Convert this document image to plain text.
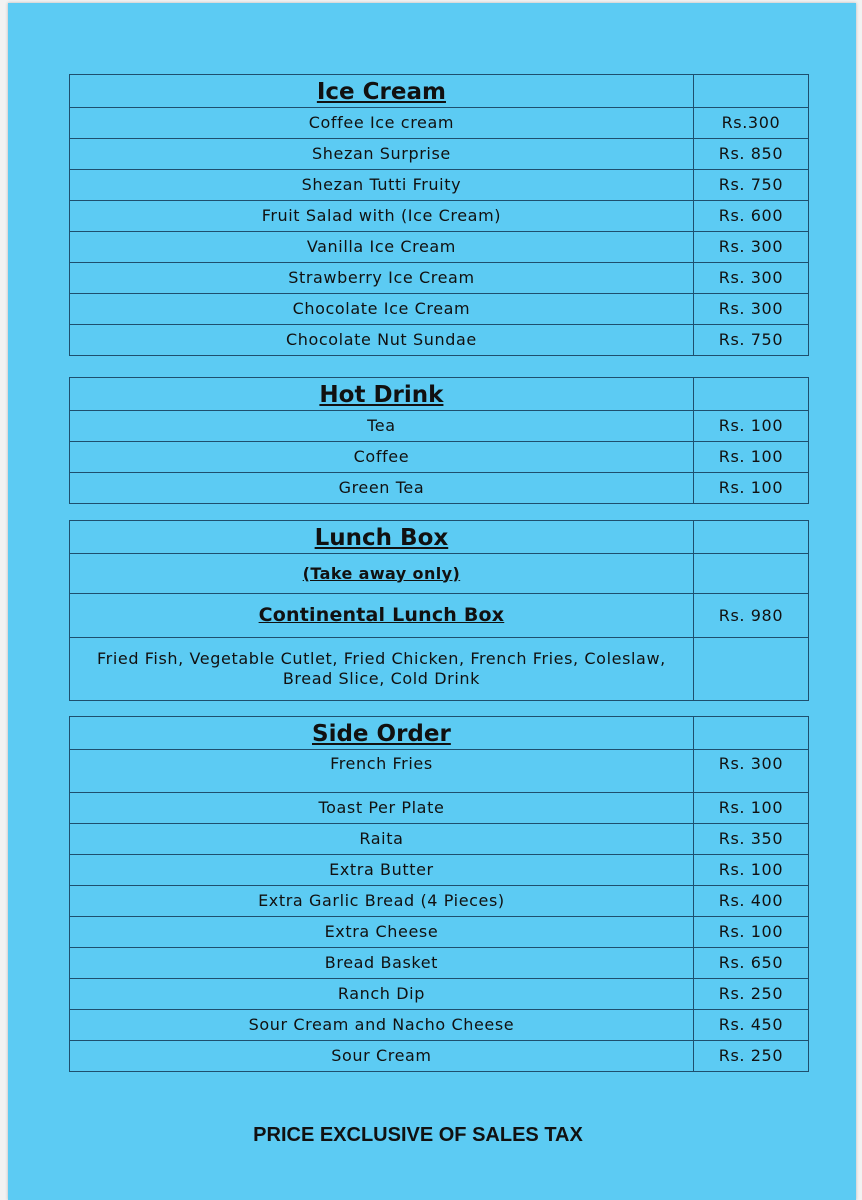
Ice Cream	
Coffee Ice cream	Rs.300
Shezan Surprise	Rs. 850
Shezan Tutti Fruity	Rs. 750
Fruit Salad with (Ice Cream)	Rs. 600
Vanilla Ice Cream	Rs. 300
Strawberry Ice Cream	Rs. 300
Chocolate Ice Cream	Rs. 300
Chocolate Nut Sundae	Rs. 750
Hot Drink	
Tea	Rs. 100
Coffee	Rs. 100
Green Tea	Rs. 100
Lunch Box	
(Take away only)	
Continental Lunch Box	Rs. 980

Fried Fish, Vegetable Cutlet, Fried Chicken, French Fries, Coleslaw,
Bread Slice, Cold Drink	

Side Order	
French Fries	Rs. 300
Toast Per Plate	Rs. 100
Raita	Rs. 350
Extra Butter	Rs. 100
Extra Garlic Bread (4 Pieces)	Rs. 400
Extra Cheese	Rs. 100
Bread Basket	Rs. 650
Ranch Dip	Rs. 250
Sour Cream and Nacho Cheese	Rs. 450
Sour Cream	Rs. 250
PRICE EXCLUSIVE OF SALES TAX
